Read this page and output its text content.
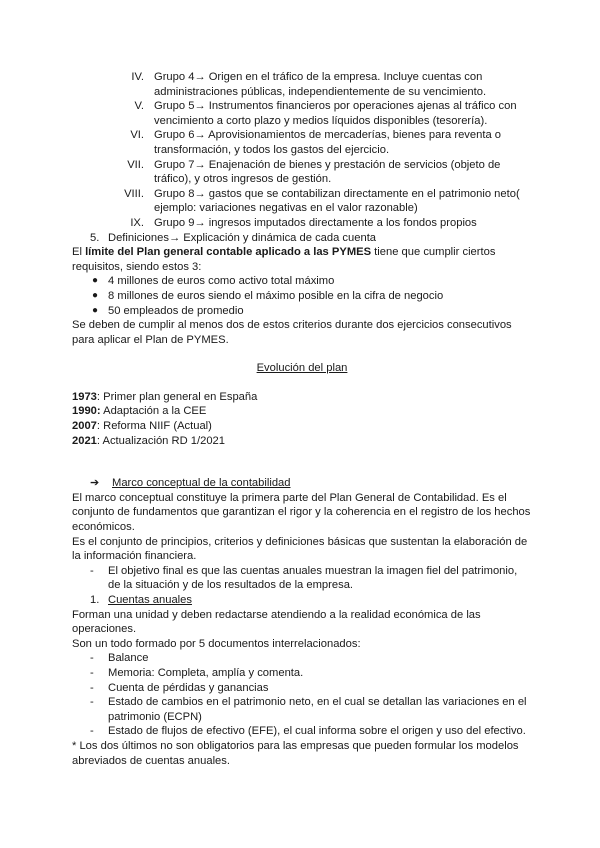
IV. Grupo 4→ Origen en el tráfico de la empresa. Incluye cuentas con administraciones públicas, independientemente de su vencimiento.
V. Grupo 5→ Instrumentos financieros por operaciones ajenas al tráfico con vencimiento a corto plazo y medios líquidos disponibles (tesorería).
VI. Grupo 6→ Aprovisionamientos de mercaderías, bienes para reventa o transformación, y todos los gastos del ejercicio.
VII. Grupo 7→ Enajenación de bienes y prestación de servicios (objeto de tráfico), y otros ingresos de gestión.
VIII. Grupo 8→ gastos que se contabilizan directamente en el patrimonio neto( ejemplo: variaciones negativas en el valor razonable)
IX. Grupo 9→ ingresos imputados directamente a los fondos propios
5. Definiciones→ Explicación y dinámica de cada cuenta

El límite del Plan general contable aplicado a las PYMES tiene que cumplir ciertos requisitos, siendo estos 3:

● 4 millones de euros como activo total máximo
● 8 millones de euros siendo el máximo posible en la cifra de negocio
● 50 empleados de promedio

Se deben de cumplir al menos dos de estos criterios durante dos ejercicios consecutivos para aplicar el Plan de PYMES.

Evolución del plan

1973: Primer plan general en España

1990: Adaptación a la CEE

2007: Reforma NIIF (Actual)

2021: Actualización RD 1/2021

➔	Marco conceptual de la contabilidad

El marco conceptual constituye la primera parte del Plan General de Contabilidad. Es el conjunto de fundamentos que garantizan el rigor y la coherencia en el registro de los hechos económicos.

Es el conjunto de principios, criterios y definiciones básicas que sustentan la elaboración de la información financiera.

-	El objetivo final es que las cuentas anuales muestran la imagen fiel del patrimonio, de la situación y de los resultados de la empresa.
1. Cuentas anuales

Forman una unidad y deben redactarse atendiendo a la realidad económica de las operaciones.

Son un todo formado por 5 documentos interrelacionados:

-	Balance
-	Memoria: Completa, amplía y comenta.
-	Cuenta de pérdidas y ganancias
-	Estado de cambios en el patrimonio neto, en el cual se detallan las variaciones en el patrimonio (ECPN)
-	Estado de flujos de efectivo (EFE), el cual informa sobre el origen y uso del efectivo.

* Los dos últimos no son obligatorios para las empresas que pueden formular los modelos abreviados de cuentas anuales.
